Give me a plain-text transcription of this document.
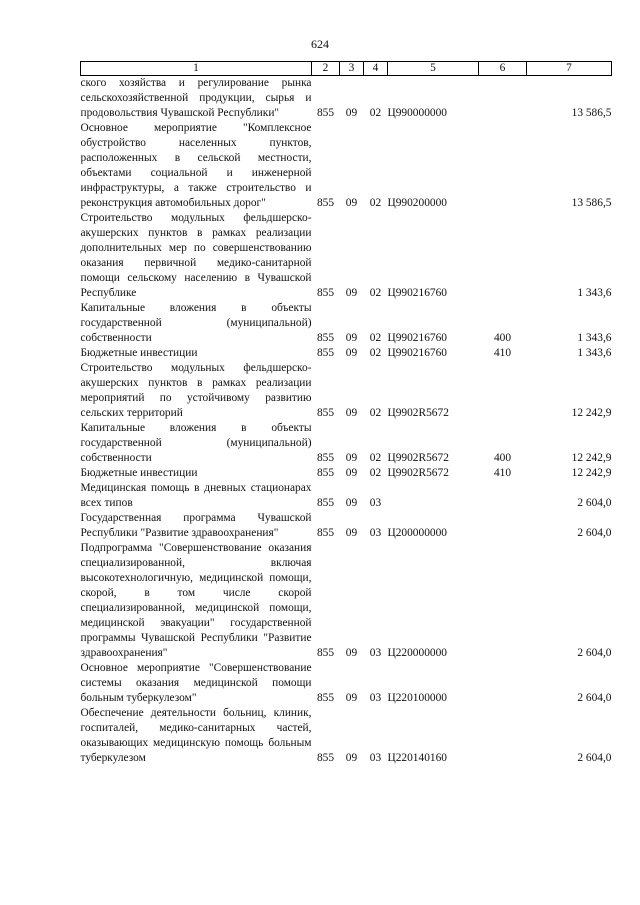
624
1	2	3	4	5	6	7
ского хозяйства и регулирование рынка сельскохозяйственной продукции, сырья и продовольствия Чувашской Республики"	855	09	02	Ц990000000		13 586,5
Основное мероприятие "Комплексное обустройство населенных пунктов, расположенных в сельской местности, объектами социальной и инженерной инфраструктуры, а также строительство и реконструкция автомобильных дорог"	855	09	02	Ц990200000		13 586,5
Строительство модульных фельдшерско-акушерских пунктов в рамках реализации дополнительных мер по совершенствованию оказания первичной медико-санитарной помощи сельскому населению в Чувашской Республике	855	09	02	Ц990216760		1 343,6
Капитальные вложения в объекты государственной (муниципальной) собственности	855	09	02	Ц990216760	400	1 343,6
Бюджетные инвестиции	855	09	02	Ц990216760	410	1 343,6
Строительство модульных фельдшерско-акушерских пунктов в рамках реализации мероприятий по устойчивому развитию сельских территорий	855	09	02	Ц9902R5672		12 242,9
Капитальные вложения в объекты государственной (муниципальной) собственности	855	09	02	Ц9902R5672	400	12 242,9
Бюджетные инвестиции	855	09	02	Ц9902R5672	410	12 242,9
Медицинская помощь в дневных стационарах всех типов	855	09	03			2 604,0
Государственная программа Чувашской Республики "Развитие здравоохранения"	855	09	03	Ц200000000		2 604,0
Подпрограмма "Совершенствование оказания специализированной, включая высокотехнологичную, медицинской помощи, скорой, в том числе скорой специализированной, медицинской помощи, медицинской эвакуации" государственной программы Чувашской Республики "Развитие здравоохранения"	855	09	03	Ц220000000		2 604,0
Основное мероприятие "Совершенствование системы оказания медицинской помощи больным туберкулезом"	855	09	03	Ц220100000		2 604,0
Обеспечение деятельности больниц, клиник, госпиталей, медико-санитарных частей, оказывающих медицинскую помощь больным туберкулезом	855	09	03	Ц220140160		2 604,0
